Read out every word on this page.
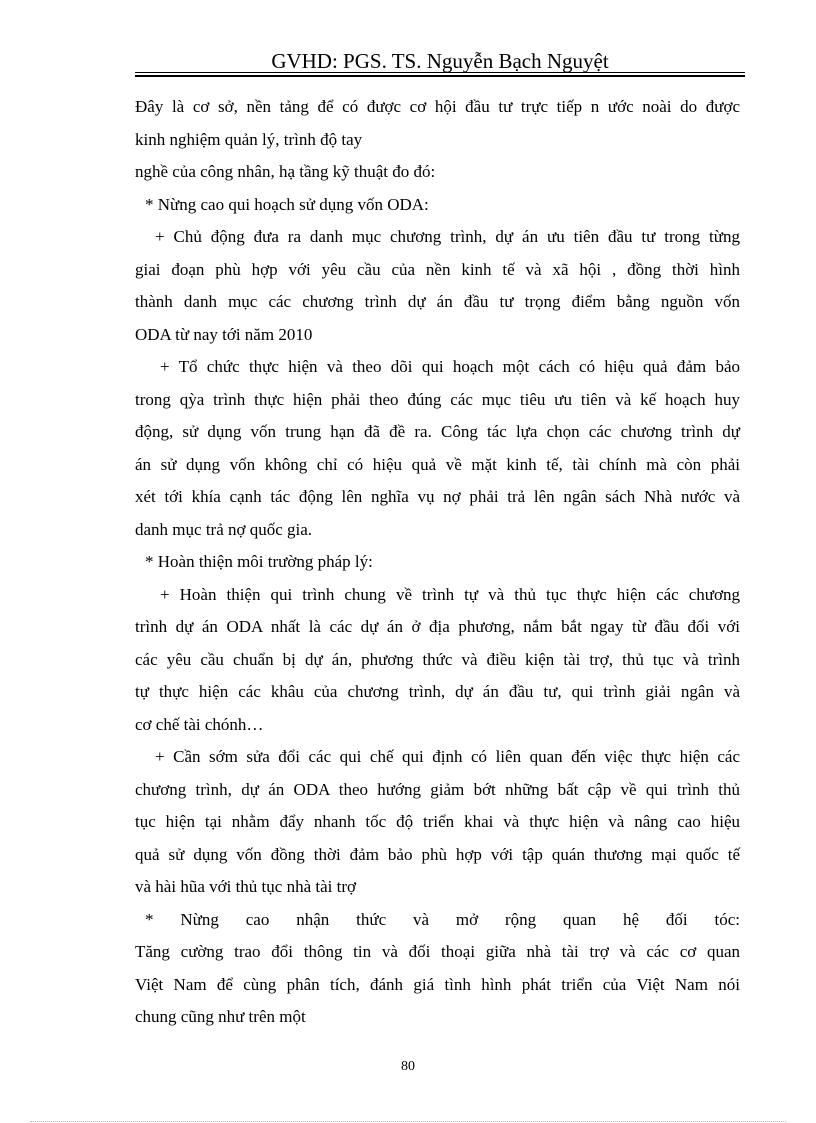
GVHD: PGS. TS. Nguyễn Bạch Nguyệt
Đây là cơ sở, nền tảng để có được cơ hội đầu tư trực tiếp n ước noài do được
kinh nghiệm quản lý, trình độ tay
nghề của công nhân, hạ tầng kỹ thuật đo đó:
* Nừng cao qui hoạch sử dụng vốn ODA:
+ Chủ động đưa ra danh mục chương trình, dự án ưu tiên đầu tư trong từng
giai đoạn phù hợp với yêu cầu của nền kinh tế và xã hội , đồng thời hình
thành danh mục các chương trình dự án đầu tư trọng điểm bằng nguồn vốn
ODA từ nay tới năm 2010
+ Tổ chức thực hiện và theo dõi qui hoạch một cách có hiệu quả đảm bảo
trong qỳa trình thực hiện phải theo đúng các mục tiêu ưu tiên và kế hoạch huy
động, sử dụng vốn trung hạn đã đề ra. Công tác lựa chọn các chương trình dự
án sử dụng vốn không chỉ có hiệu quả về mặt kinh tế, tài chính mà còn phải
xét tới khía cạnh tác động lên nghĩa vụ nợ phải trả lên ngân sách Nhà nước và
danh mục trả nợ quốc gia.
* Hoàn thiện môi trường pháp lý:
+ Hoàn thiện qui trình chung về trình tự và thủ tục thực hiện các chương
trình dự án ODA nhất là các dự án ở địa phương, nắm bắt ngay từ đầu đối với
các yêu cầu chuẩn bị dự án, phương thức và điều kiện tài trợ, thủ tục và trình
tự thực hiện các khâu của chương trình, dự án đầu tư, qui trình giải ngân và
cơ chế tài chónh…
+ Cần sớm sửa đổi các qui chế qui định có liên quan đến việc thực hiện các
chương trình, dự án ODA theo hướng giảm bớt những bất cập về qui trình thủ
tục hiện tại nhằm đẩy nhanh tốc độ triển khai và thực hiện và nâng cao hiệu
quả sử dụng vốn đồng thời đảm bảo phù hợp với tập quán thương mại quốc tế
và hài hũa với thủ tục nhà tài trợ
* Nừng cao nhận thức và mở rộng quan hệ đối tóc:
Tăng cường trao đổi thông tin và đối thoại giữa nhà tài trợ và các cơ quan
Việt Nam để cùng phân tích, đánh giá tình hình phát triển của Việt Nam nói
chung cũng như trên một
80
